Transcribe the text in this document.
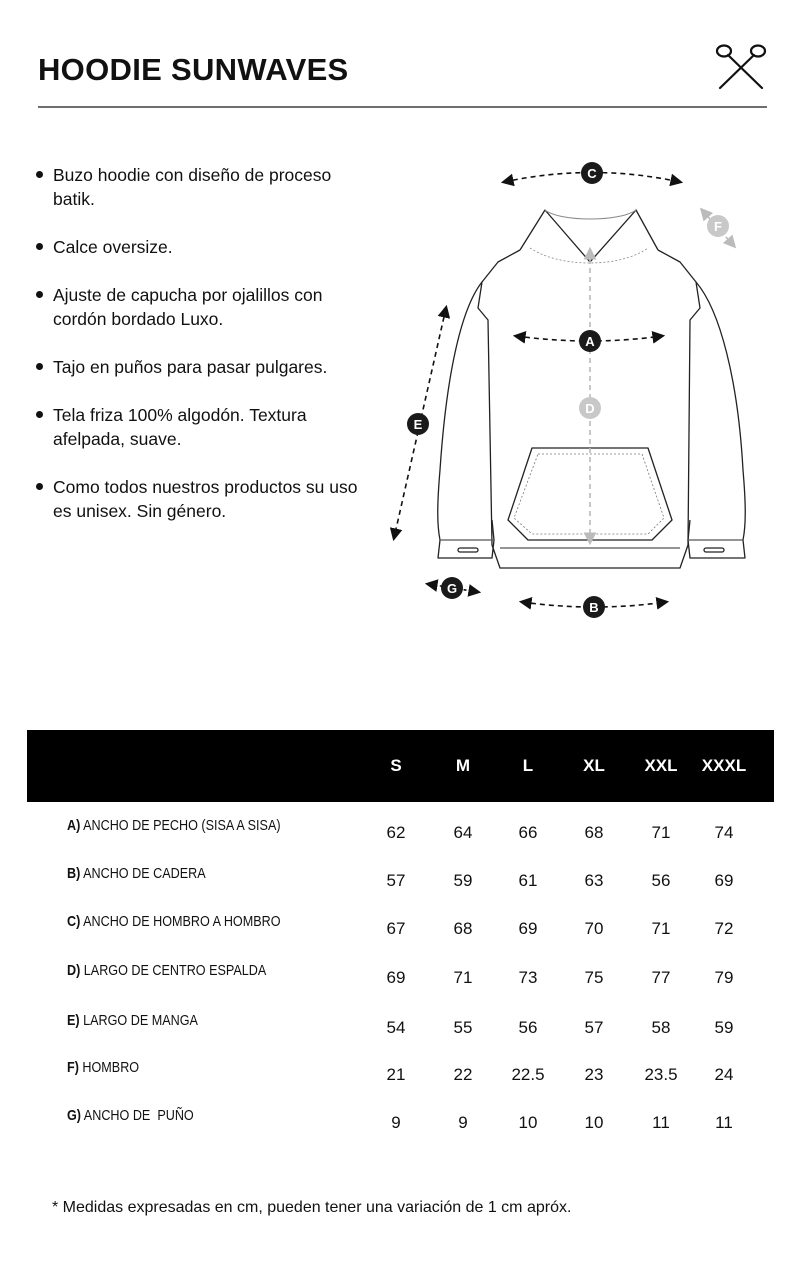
HOODIE SUNWAVES
Buzo hoodie con diseño de proceso batik.
Calce oversize.
Ajuste de capucha por ojalillos con cordón bordado Luxo.
Tajo en puños para pasar pulgares.
Tela friza 100% algodón. Textura afelpada, suave.
Como todos nuestros productos su uso es unisex. Sin género.
C
F
A
D
E
G
B
S	M	L	XL	XXL	XXXL
A) ANCHO DE PECHO (SISA A SISA)	62	64	66	68	71	74
B) ANCHO DE CADERA	57	59	61	63	56	69
C) ANCHO DE HOMBRO A HOMBRO	67	68	69	70	71	72
D) LARGO DE CENTRO ESPALDA	69	71	73	75	77	79
E) LARGO DE MANGA	54	55	56	57	58	59
F) HOMBRO	21	22	22.5	23	23.5	24
G) ANCHO DE  PUÑO	9	9	10	10	11	11
* Medidas expresadas en cm, pueden tener una variación de 1 cm apróx.
